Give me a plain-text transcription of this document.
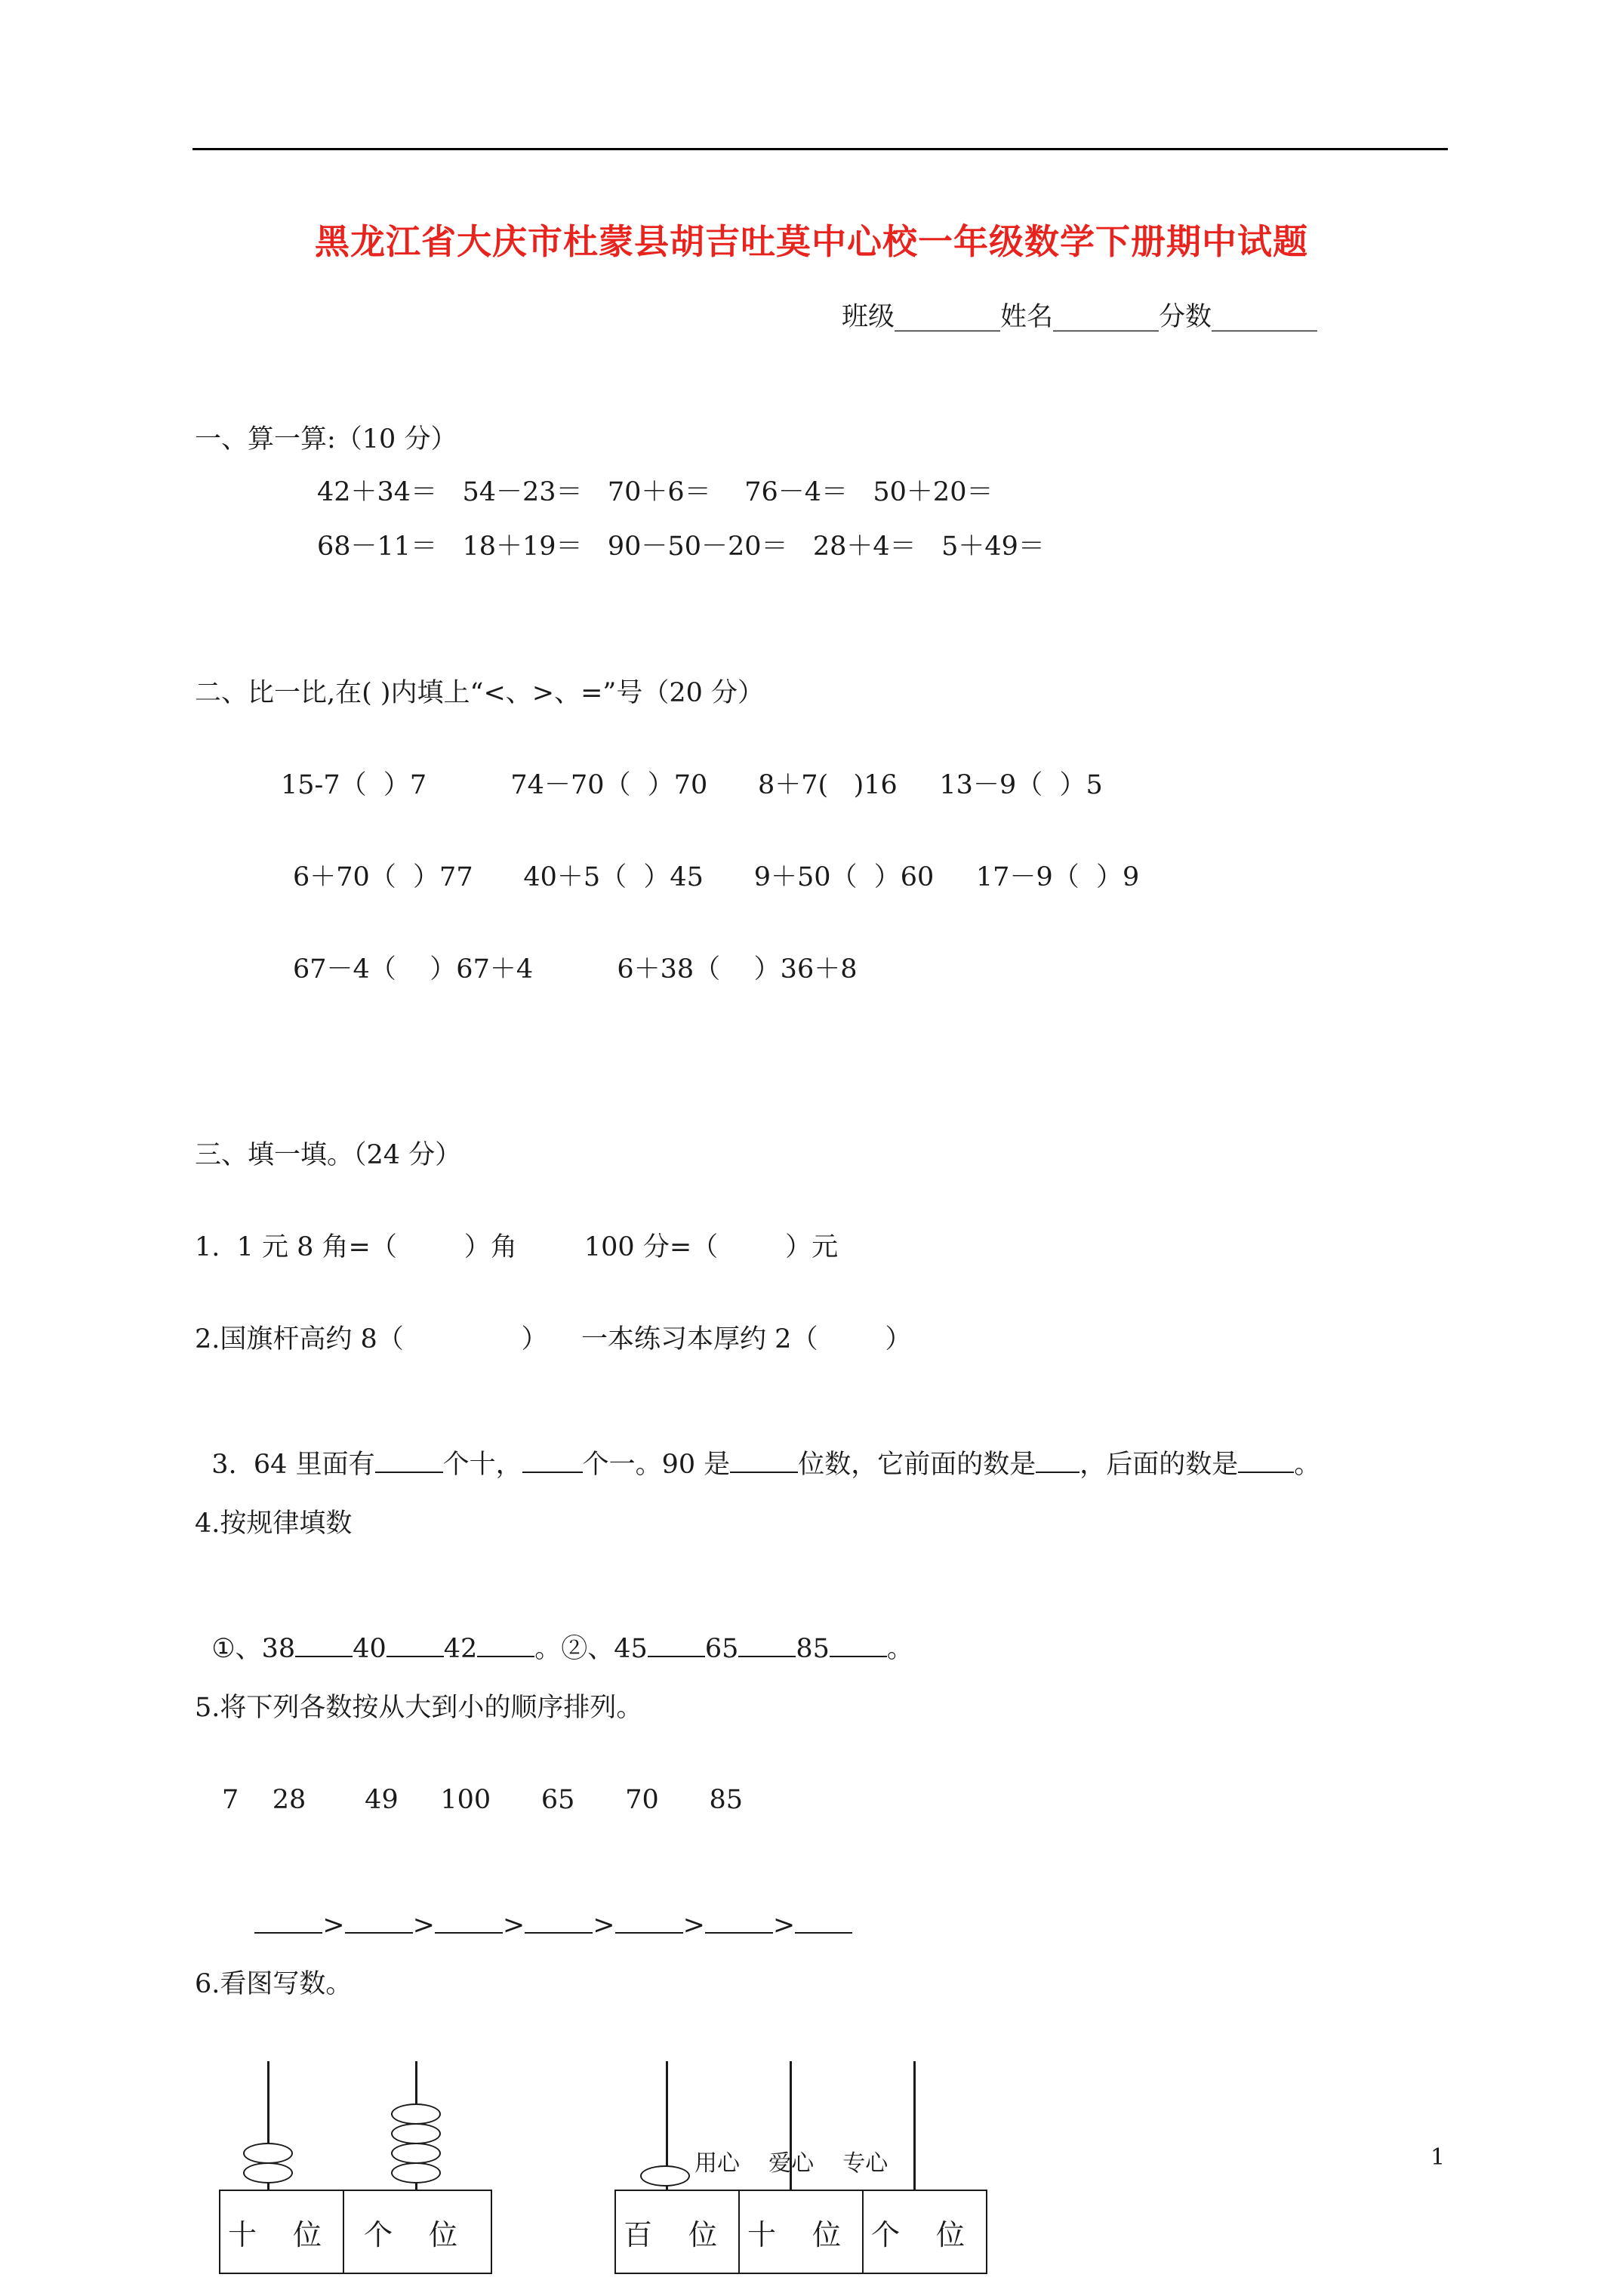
黑龙江省大庆市杜蒙县胡吉吐莫中心校一年级数学下册期中试题
班级________姓名________分数________
一、算一算:（10 分）
42＋34＝   54－23＝   70＋6＝    76－4＝   50＋20＝
68－11＝   18＋19＝   90－50－20＝   28＋4＝   5＋49＝
二、比一比,在( )内填上“<、>、=”号（20 分）
15-7（  ）7          74－70（  ）70      8＋7(   )16     13－9（  ）5
6＋70（  ）77      40＋5（  ）45      9＋50（  ）60     17－9（  ）9
67－4（    ）67＋4          6＋38（    ）36＋8
三、填一填。（24 分）
1.  1 元 8 角=（        ）角        100 分=（        ）元
2.国旗杆高约 8（              ）    一本练习本厚约 2（        ）

3.  64 里面有	个十， 个一。90 是	位数，它前面的数是 ，后面的数是 。

4.按规律填数

①、38 40 42 。②、45 65 85 。

5.将下列各数按从大到小的顺序排列。
7    28       49     100      65      70      85

>	>	>	>	>	>

6.看图写数。
十 位 个 位	百 位 十 位 个 位
用心    爱心    专心	1
